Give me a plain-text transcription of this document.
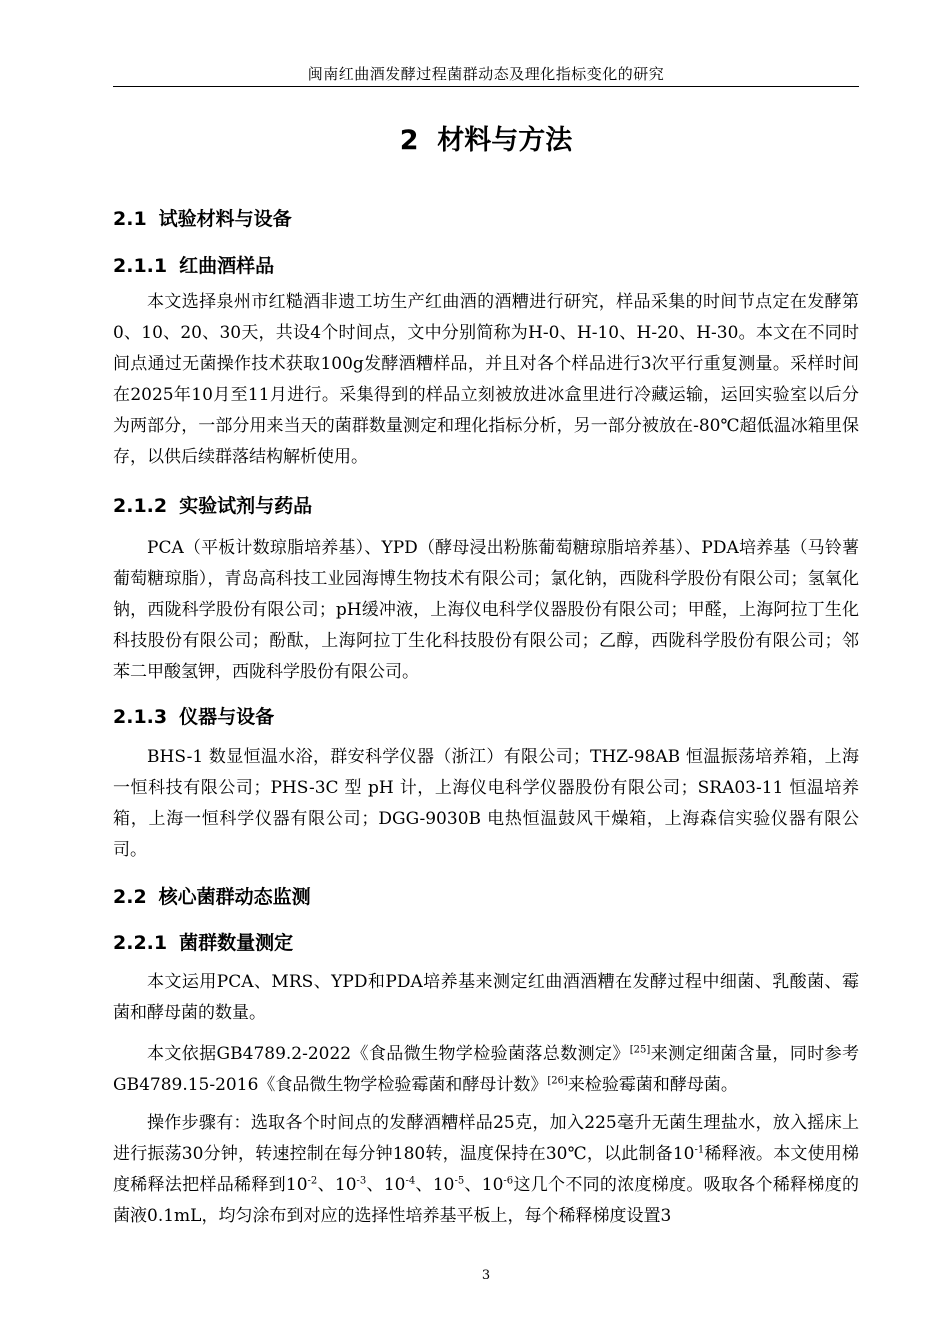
闽南红曲酒发酵过程菌群动态及理化指标变化的研究
2 材料与方法
2.1 试验材料与设备
2.1.1 红曲酒样品
本文选择泉州市红糙酒非遗工坊生产红曲酒的酒糟进行研究，样品采集的时间节点定在发酵第0、10、20、30天，共设4个时间点，文中分别简称为H-0、H-10、H-20、H-30。本文在不同时间点通过无菌操作技术获取100g发酵酒糟样品，并且对各个样品进行3次平行重复测量。采样时间在2025年10月至11月进行。采集得到的样品立刻被放进冰盒里进行冷藏运输，运回实验室以后分为两部分，一部分用来当天的菌群数量测定和理化指标分析，另一部分被放在-80℃超低温冰箱里保存，以供后续群落结构解析使用。
2.1.2 实验试剂与药品
PCA（平板计数琼脂培养基）、YPD（酵母浸出粉胨葡萄糖琼脂培养基）、PDA培养基（马铃薯葡萄糖琼脂），青岛高科技工业园海博生物技术有限公司；氯化钠，西陇科学股份有限公司；氢氧化钠，西陇科学股份有限公司；pH缓冲液，上海仪电科学仪器股份有限公司；甲醛，上海阿拉丁生化科技股份有限公司；酚酞，上海阿拉丁生化科技股份有限公司；乙醇，西陇科学股份有限公司；邻苯二甲酸氢钾，西陇科学股份有限公司。
2.1.3 仪器与设备
BHS-1 数显恒温水浴，群安科学仪器（浙江）有限公司；THZ-98AB 恒温振荡培养箱，上海一恒科技有限公司；PHS-3C 型 pH 计，上海仪电科学仪器股份有限公司；SRA03-11 恒温培养箱，上海一恒科学仪器有限公司；DGG-9030B 电热恒温鼓风干燥箱，上海森信实验仪器有限公司。
2.2 核心菌群动态监测
2.2.1 菌群数量测定
本文运用PCA、MRS、YPD和PDA培养基来测定红曲酒酒糟在发酵过程中细菌、乳酸菌、霉菌和酵母菌的数量。
本文依据GB4789.2-2022《食品微生物学检验菌落总数测定》[25]来测定细菌含量，同时参考GB4789.15-2016《食品微生物学检验霉菌和酵母计数》[26]来检验霉菌和酵母菌。
操作步骤有：选取各个时间点的发酵酒糟样品25克，加入225毫升无菌生理盐水，放入摇床上进行振荡30分钟，转速控制在每分钟180转，温度保持在30℃，以此制备$10^{-1}$稀释液。本文使用梯度稀释法把样品稀释到$10^{-2}$、$10^{-3}$、$10^{-4}$、$10^{-5}$、$10^{-6}$这几个不同的浓度梯度。吸取各个稀释梯度的菌液0.1mL，均匀涂布到对应的选择性培养基平板上，每个稀释梯度设置3
3
